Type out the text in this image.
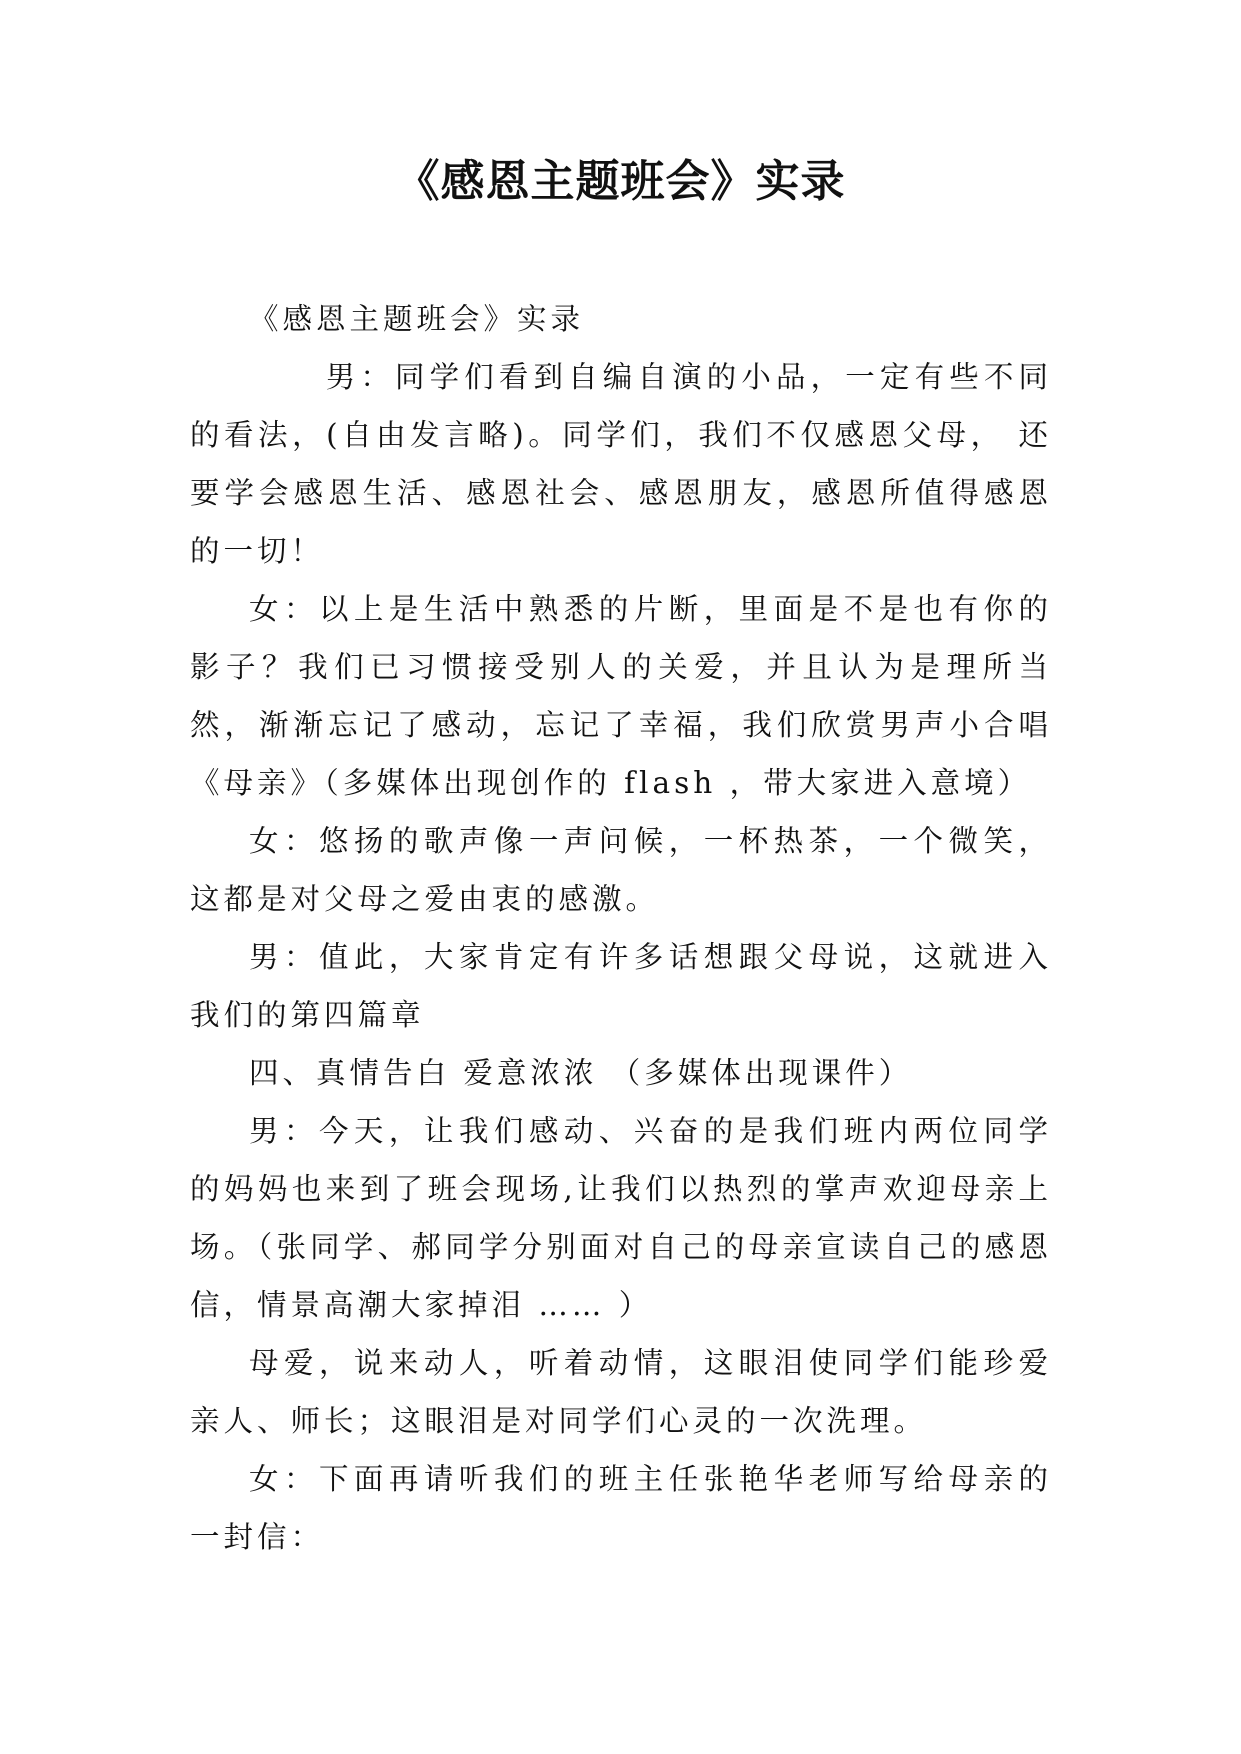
《感恩主题班会》实录

《感恩主题班会》实录

男：同学们看到自编自演的小品，一定有些不同的看法，(自由发言略)。同学们，我们不仅感恩父母， 还要学会感恩生活、感恩社会、感恩朋友，感恩所值得感恩的一切！

女：以上是生活中熟悉的片断，里面是不是也有你的影子？我们已习惯接受别人的关爱，并且认为是理所当然，渐渐忘记了感动，忘记了幸福，我们欣赏男声小合唱《母亲》（多媒体出现创作的 flash ，带大家进入意境）

女：悠扬的歌声像一声问候，一杯热茶，一个微笑，这都是对父母之爱由衷的感激。

男：值此，大家肯定有许多话想跟父母说，这就进入我们的第四篇章

四、真情告白 爱意浓浓 （多媒体出现课件）

男：今天，让我们感动、兴奋的是我们班内两位同学的妈妈也来到了班会现场,让我们以热烈的掌声欢迎母亲上场。（张同学、郝同学分别面对自己的母亲宣读自己的感恩信，情景高潮大家掉泪 …… ）

母爱，说来动人，听着动情，这眼泪使同学们能珍爱亲人、师长；这眼泪是对同学们心灵的一次洗理。

女：下面再请听我们的班主任张艳华老师写给母亲的一封信：
